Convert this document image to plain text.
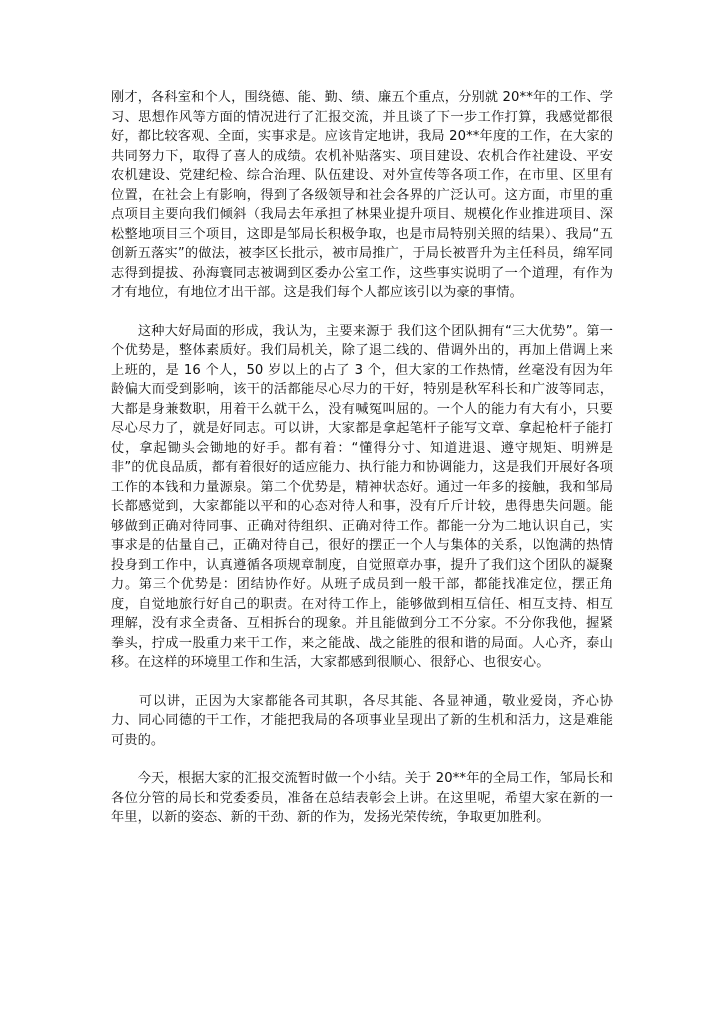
刚才，各科室和个人，围绕德、能、勤、绩、廉五个重点，分别就 20**年的工作、学习、思想作风等方面的情况进行了汇报交流，并且谈了下一步工作打算，我感觉都很好，都比较客观、全面，实事求是。应该肯定地讲，我局 20**年度的工作，在大家的共同努力下，取得了喜人的成绩。农机补贴落实、项目建设、农机合作社建设、平安农机建设、党建纪检、综合治理、队伍建设、对外宣传等各项工作，在市里、区里有位置，在社会上有影响，得到了各级领导和社会各界的广泛认可。这方面，市里的重点项目主要向我们倾斜（我局去年承担了林果业提升项目、规模化作业推进项目、深松整地项目三个项目，这即是邹局长积极争取，也是市局特别关照的结果）、我局“五创新五落实”的做法，被李区长批示，被市局推广，于局长被晋升为主任科员，绵军同志得到提拔、孙海寰同志被调到区委办公室工作，这些事实说明了一个道理，有作为才有地位，有地位才出干部。这是我们每个人都应该引以为豪的事情。

　　这种大好局面的形成，我认为，主要来源于 我们这个团队拥有“三大优势”。第一个优势是，整体素质好。我们局机关，除了退二线的、借调外出的，再加上借调上来上班的，是 16 个人，50 岁以上的占了 3 个，但大家的工作热情，丝毫没有因为年龄偏大而受到影响，该干的活都能尽心尽力的干好，特别是秋军科长和广波等同志，大都是身兼数职，用着干么就干么，没有喊冤叫屈的。一个人的能力有大有小，只要尽心尽力了，就是好同志。可以讲，大家都是拿起笔杆子能写文章、拿起枪杆子能打仗，拿起锄头会锄地的好手。都有着：“懂得分寸、知道进退、遵守规矩、明辨是非”的优良品质，都有着很好的适应能力、执行能力和协调能力，这是我们开展好各项工作的本钱和力量源泉。第二个优势是，精神状态好。通过一年多的接触，我和邹局长都感觉到，大家都能以平和的心态对待人和事，没有斤斤计较，患得患失问题。能够做到正确对待同事、正确对待组织、正确对待工作。都能一分为二地认识自己，实事求是的估量自己，正确对待自己，很好的摆正一个人与集体的关系，以饱满的热情投身到工作中，认真遵循各项规章制度，自觉照章办事，提升了我们这个团队的凝聚力。第三个优势是：团结协作好。从班子成员到一般干部，都能找准定位，摆正角度，自觉地旅行好自己的职责。在对待工作上，能够做到相互信任、相互支持、相互理解，没有求全责备、互相拆台的现象。并且能做到分工不分家。不分你我他，握紧拳头，拧成一股重力来干工作，来之能战、战之能胜的很和谐的局面。人心齐，泰山移。在这样的环境里工作和生活，大家都感到很顺心、很舒心、也很安心。

　　可以讲，正因为大家都能各司其职，各尽其能、各显神通，敬业爱岗，齐心协力、同心同德的干工作，才能把我局的各项事业呈现出了新的生机和活力，这是难能可贵的。

　　今天，根据大家的汇报交流暂时做一个小结。关于 20**年的全局工作，邹局长和各位分管的局长和党委委员，准备在总结表彰会上讲。在这里呢，希望大家在新的一年里，以新的姿态、新的干劲、新的作为，发扬光荣传统，争取更加胜利。
